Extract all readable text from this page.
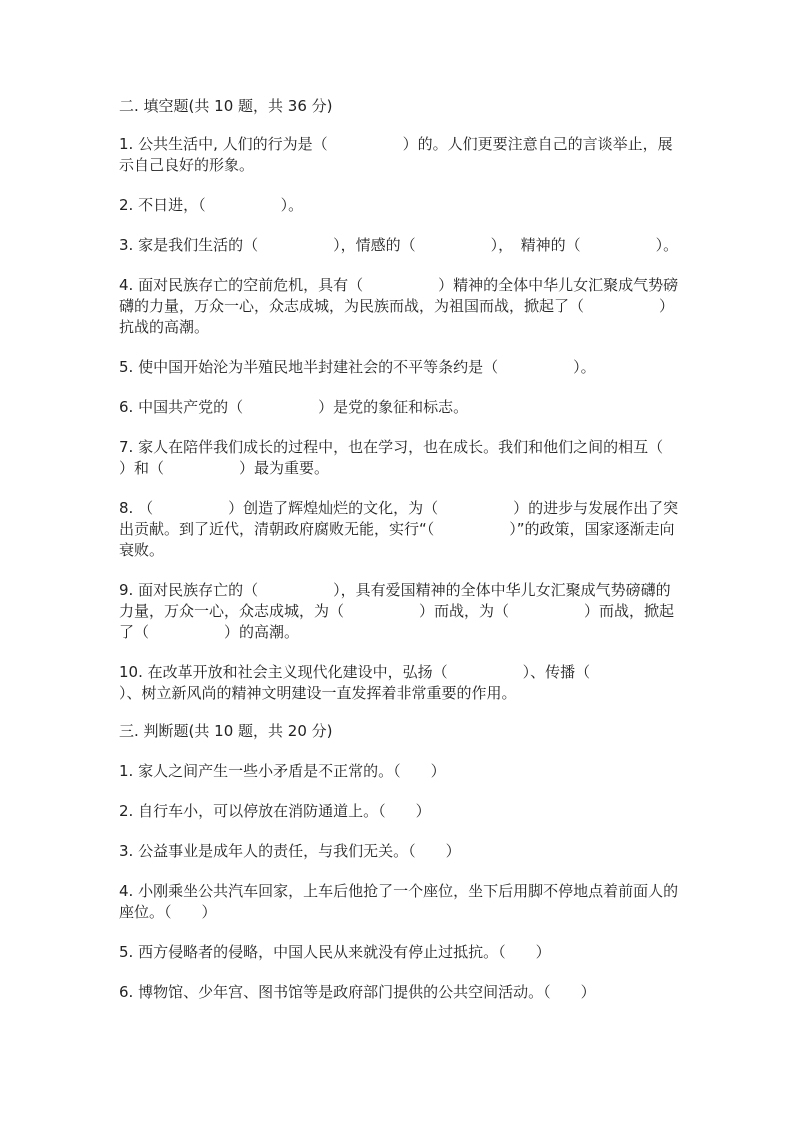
二. 填空题(共 10 题，共 36 分)

1. 公共生活中, 人们的行为是（　　　　　）的。人们更要注意自己的言谈举止，展示自己良好的形象。

2. 不日进，（　　　　　）。

3. 家是我们生活的（　　　　　），情感的（　　　　　），　精神的（　　　　　）。

4. 面对民族存亡的空前危机，具有（　　　　　）精神的全体中华儿女汇聚成气势磅礴的力量，万众一心，众志成城，为民族而战，为祖国而战，掀起了（　　　　　）抗战的高潮。

5. 使中国开始沦为半殖民地半封建社会的不平等条约是（　　　　　）。

6. 中国共产党的（　　　　　）是党的象征和标志。

7. 家人在陪伴我们成长的过程中，也在学习，也在成长。我们和他们之间的相互（　　　　　）和（　　　　　）最为重要。

8. （　　　　　）创造了辉煌灿烂的文化，为（　　　　　）的进步与发展作出了突出贡献。到了近代，清朝政府腐败无能，实行“（　　　　　）”的政策，国家逐渐走向衰败。

9. 面对民族存亡的（　　　　　），具有爱国精神的全体中华儿女汇聚成气势磅礴的力量，万众一心，众志成城，为（　　　　　）而战，为（　　　　　）而战，掀起了（　　　　　）的高潮。

10. 在改革开放和社会主义现代化建设中，弘扬（　　　　　）、传播（　　　　　）、树立新风尚的精神文明建设一直发挥着非常重要的作用。

三. 判断题(共 10 题，共 20 分)

1. 家人之间产生一些小矛盾是不正常的。（　　）

2. 自行车小，可以停放在消防通道上。（　　）

3. 公益事业是成年人的责任，与我们无关。（　　）

4. 小刚乘坐公共汽车回家，上车后他抢了一个座位，坐下后用脚不停地点着前面人的座位。（　　）

5. 西方侵略者的侵略，中国人民从来就没有停止过抵抗。（　　）

6. 博物馆、少年宫、图书馆等是政府部门提供的公共空间活动。（　　）
